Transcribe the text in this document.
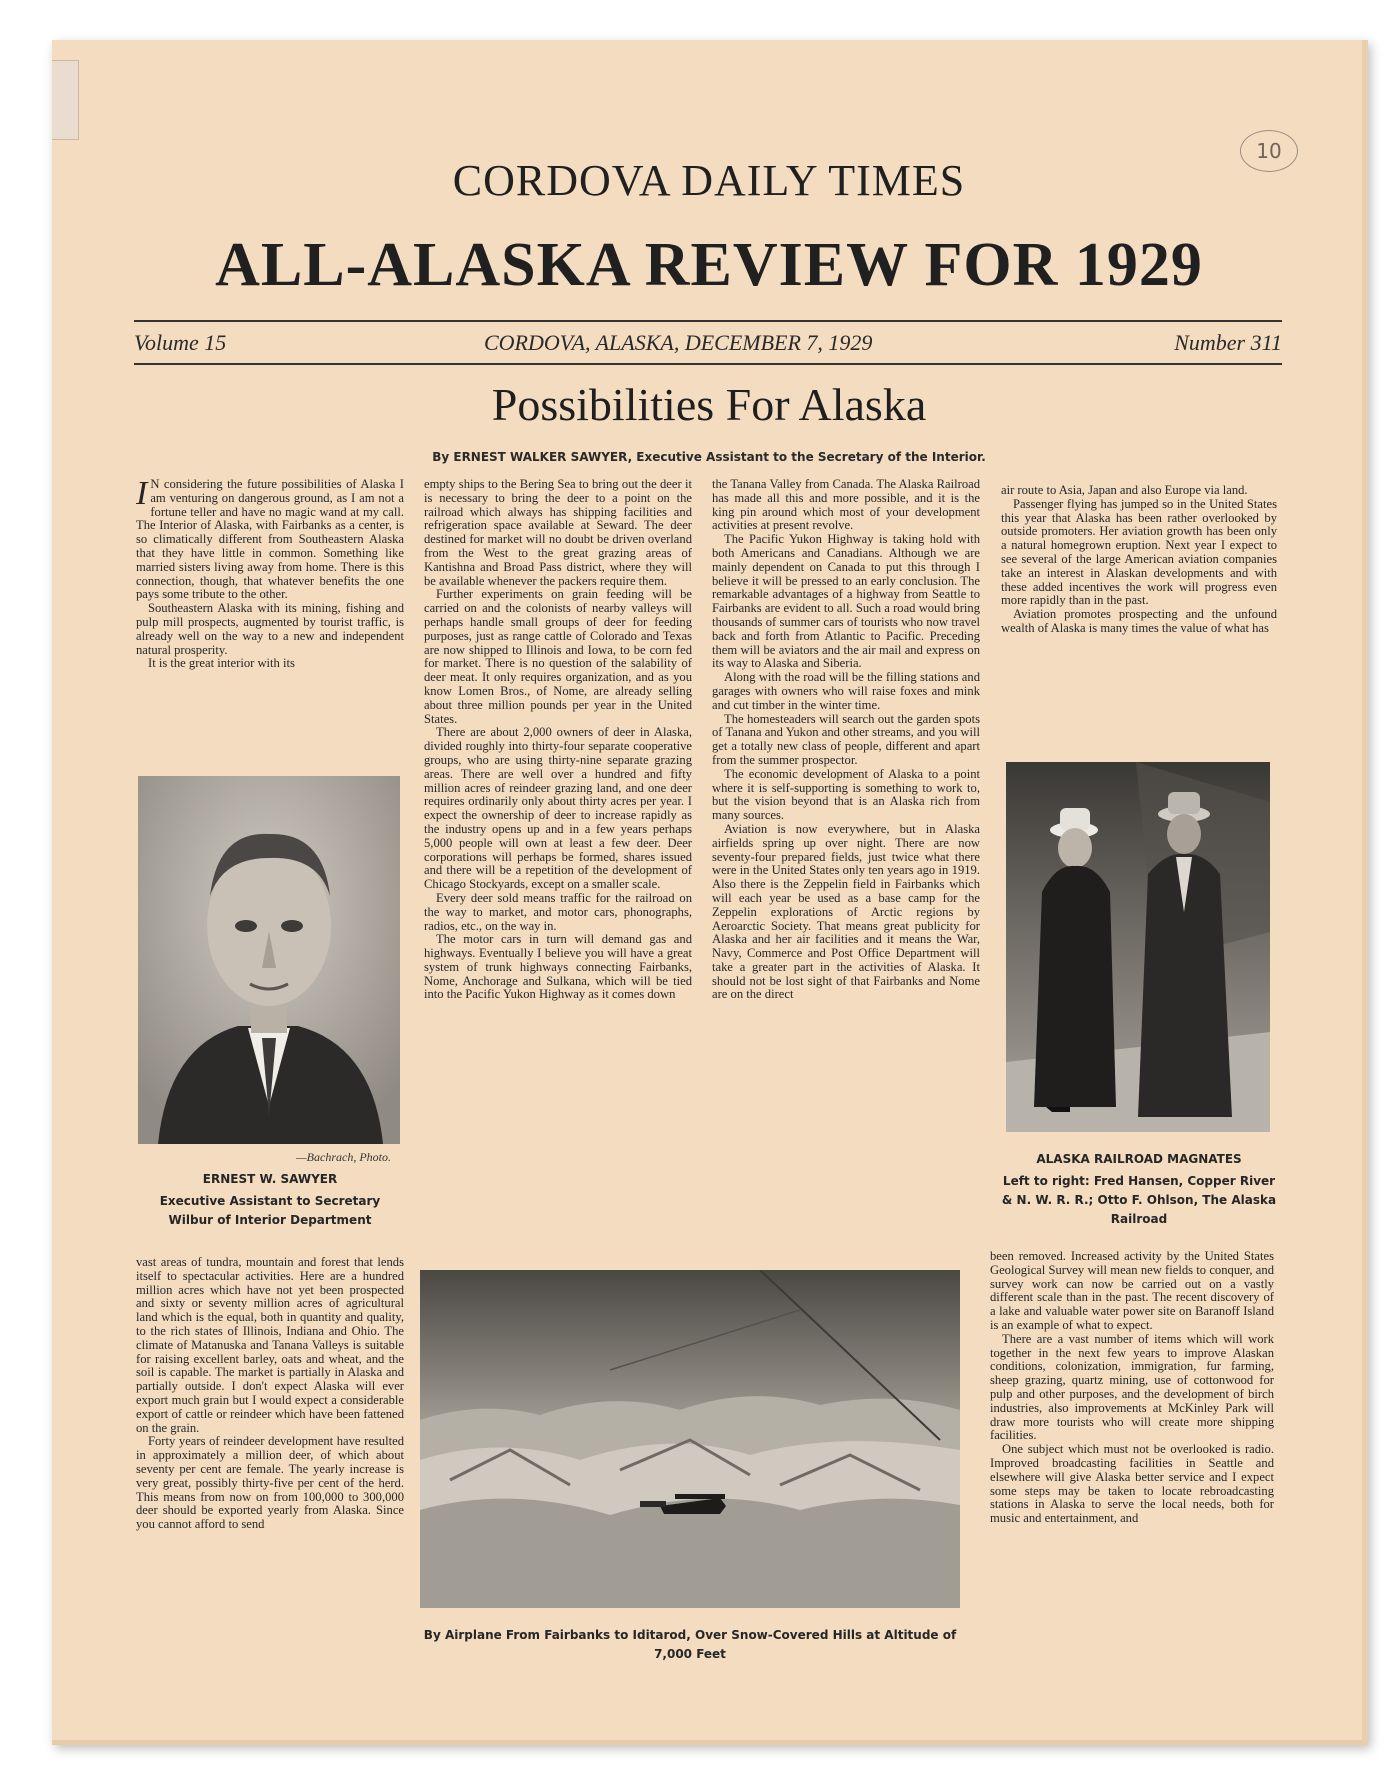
10
CORDOVA DAILY TIMES
ALL-ALASKA REVIEW FOR 1929
Volume 15	CORDOVA, ALASKA, DECEMBER 7, 1929	Number 311
Possibilities For Alaska
By ERNEST WALKER SAWYER, Executive Assistant to the Secretary of the Interior.

I N considering the future possibilities of Alaska I am venturing on dangerous ground, as I am not a fortune teller and have no magic wand at my call. The Interior of Alaska, with Fairbanks as a center, is so climatically different from Southeastern Alaska that they have little in common. Something like married sisters living away from home. There is this connection, though, that whatever benefits the one pays some tribute to the other.

Southeastern Alaska with its mining, fishing and pulp mill prospects, augmented by tourist traffic, is already well on the way to a new and independent natural prosperity.

It is the great interior with its

—Bachrach, Photo.
ERNEST W. SAWYER
Executive Assistant to Secretary Wilbur of Interior Department

empty ships to the Bering Sea to bring out the deer it is necessary to bring the deer to a point on the railroad which always has shipping facilities and refrigeration space available at Seward. The deer destined for market will no doubt be driven overland from the West to the great grazing areas of Kantishna and Broad Pass district, where they will be available whenever the packers require them.

Further experiments on grain feeding will be carried on and the colonists of nearby valleys will perhaps handle small groups of deer for feeding purposes, just as range cattle of Colorado and Texas are now shipped to Illinois and Iowa, to be corn fed for market. There is no question of the salability of deer meat. It only requires organization, and as you know Lomen Bros., of Nome, are already selling about three million pounds per year in the United States.

There are about 2,000 owners of deer in Alaska, divided roughly into thirty-four separate cooperative groups, who are using thirty-nine separate grazing areas. There are well over a hundred and fifty million acres of reindeer grazing land, and one deer requires ordinarily only about thirty acres per year. I expect the ownership of deer to increase rapidly as the industry opens up and in a few years perhaps 5,000 people will own at least a few deer. Deer corporations will perhaps be formed, shares issued and there will be a repetition of the development of Chicago Stockyards, except on a smaller scale.

Every deer sold means traffic for the railroad on the way to market, and motor cars, phonographs, radios, etc., on the way in.

The motor cars in turn will demand gas and highways. Eventually I believe you will have a great system of trunk highways connecting Fairbanks, Nome, Anchorage and Sulkana, which will be tied into the Pacific Yukon Highway as it comes down

the Tanana Valley from Canada. The Alaska Railroad has made all this and more possible, and it is the king pin around which most of your development activities at present revolve.

The Pacific Yukon Highway is taking hold with both Americans and Canadians. Although we are mainly dependent on Canada to put this through I believe it will be pressed to an early conclusion. The remarkable advantages of a highway from Seattle to Fairbanks are evident to all. Such a road would bring thousands of summer cars of tourists who now travel back and forth from Atlantic to Pacific. Preceding them will be aviators and the air mail and express on its way to Alaska and Siberia.

Along with the road will be the filling stations and garages with owners who will raise foxes and mink and cut timber in the winter time.

The homesteaders will search out the garden spots of Tanana and Yukon and other streams, and you will get a totally new class of people, different and apart from the summer prospector.

The economic development of Alaska to a point where it is self-supporting is something to work to, but the vision beyond that is an Alaska rich from many sources.

Aviation is now everywhere, but in Alaska airfields spring up over night. There are now seventy-four prepared fields, just twice what there were in the United States only ten years ago in 1919. Also there is the Zeppelin field in Fairbanks which will each year be used as a base camp for the Zeppelin explorations of Arctic regions by Aeroarctic Society. That means great publicity for Alaska and her air facilities and it means the War, Navy, Commerce and Post Office Department will take a greater part in the activities of Alaska. It should not be lost sight of that Fairbanks and Nome are on the direct

air route to Asia, Japan and also Europe via land.

Passenger flying has jumped so in the United States this year that Alaska has been rather overlooked by outside promoters. Her aviation growth has been only a natural homegrown eruption. Next year I expect to see several of the large American aviation companies take an interest in Alaskan developments and with these added incentives the work will progress even more rapidly than in the past.

Aviation promotes prospecting and the unfound wealth of Alaska is many times the value of what has

ALASKA RAILROAD MAGNATES
Left to right: Fred Hansen, Copper River & N. W. R. R.; Otto F. Ohlson, The Alaska Railroad

vast areas of tundra, mountain and forest that lends itself to spectacular activities. Here are a hundred million acres which have not yet been prospected and sixty or seventy million acres of agricultural land which is the equal, both in quantity and quality, to the rich states of Illinois, Indiana and Ohio. The climate of Matanuska and Tanana Valleys is suitable for raising excellent barley, oats and wheat, and the soil is capable. The market is partially in Alaska and partially outside. I don't expect Alaska will ever export much grain but I would expect a considerable export of cattle or reindeer which have been fattened on the grain.

Forty years of reindeer development have resulted in approximately a million deer, of which about seventy per cent are female. The yearly increase is very great, possibly thirty-five per cent of the herd. This means from now on from 100,000 to 300,000 deer should be exported yearly from Alaska. Since you cannot afford to send

By Airplane From Fairbanks to Iditarod, Over Snow-Covered Hills at Altitude of 7,000 Feet

been removed. Increased activity by the United States Geological Survey will mean new fields to conquer, and survey work can now be carried out on a vastly different scale than in the past. The recent discovery of a lake and valuable water power site on Baranoff Island is an example of what to expect.

There are a vast number of items which will work together in the next few years to improve Alaskan conditions, colonization, immigration, fur farming, sheep grazing, quartz mining, use of cottonwood for pulp and other purposes, and the development of birch industries, also improvements at McKinley Park will draw more tourists who will create more shipping facilities.

One subject which must not be overlooked is radio. Improved broadcasting facilities in Seattle and elsewhere will give Alaska better service and I expect some steps may be taken to locate rebroadcasting stations in Alaska to serve the local needs, both for music and entertainment, and
